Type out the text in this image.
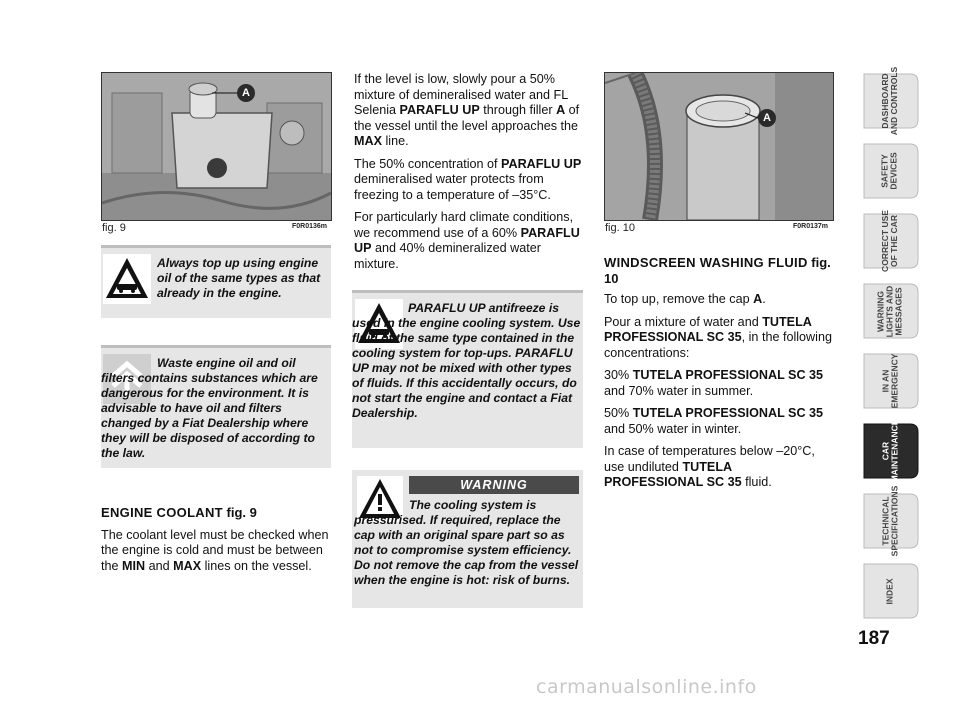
A
fig. 9	F0R0136m
Always top up using engine oil of the same types as that already in the engine.
Waste engine oil and oil filters contains substances which are dangerous for the environment. It is advisable to have oil and filters changed by a Fiat Dealership where they will be disposed of according to the law.
ENGINE COOLANT fig. 9

The coolant level must be checked when the engine is cold and must be between the MIN and MAX lines on the vessel.

If the level is low, slowly pour a 50% mixture of demineralised water and FL Selenia PARAFLU UP through filler A of the vessel until the level approaches the MAX line.

The 50% concentration of PARAFLU UP demineralised water protects from freezing to a temperature of –35°C.

For particularly hard climate conditions, we recommend use of a 60% PARAFLU UP and 40% demineralized water mixture.

PARAFLU UP antifreeze is used in the engine cooling system. Use fluid of the same type contained in the cooling system for top-ups. PARAFLU UP may not be mixed with other types of fluids. If this accidentally occurs, do not start the engine and contact a Fiat Dealership.
WARNING
The cooling system is pressurised. If required, replace the cap with an original spare part so as not to compromise system efficiency. Do not remove the cap from the vessel when the engine is hot: risk of burns.
A
fig. 10	F0R0137m
WINDSCREEN WASHING FLUID fig. 10

To top up, remove the cap A.

Pour a mixture of water and TUTELA PROFESSIONAL SC 35, in the following concentrations:

30% TUTELA PROFESSIONAL SC 35 and 70% water in summer.

50% TUTELA PROFESSIONAL SC 35 and 50% water in winter.

In case of temperatures below –20°C, use undiluted TUTELA PROFESSIONAL SC 35 fluid.

DASHBOARD
AND CONTROLS
SAFETY
DEVICES
CORRECT USE
OF THE CAR
WARNING
LIGHTS AND
MESSAGES
IN AN
EMERGENCY
CAR
MAINTENANCE
TECHNICAL
SPECIFICATIONS
INDEX
187
carmanualsonline.info
